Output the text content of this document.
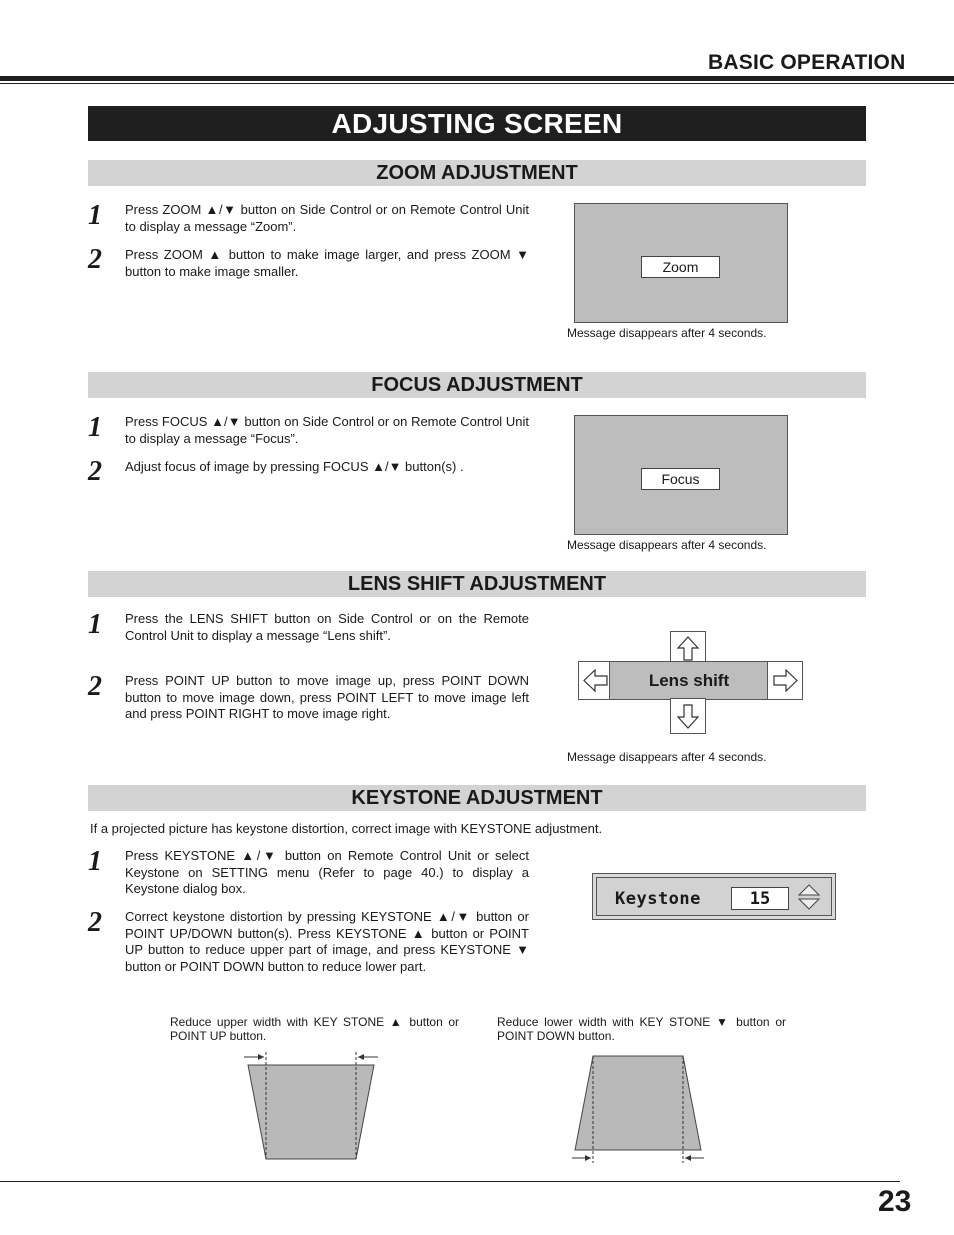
BASIC OPERATION
ADJUSTING SCREEN
ZOOM ADJUSTMENT
1 Press ZOOM ▲/▼ button on Side Control or on Remote Control Unit to display a message “Zoom”.
2 Press ZOOM ▲ button to make image larger, and press ZOOM ▼ button to make image smaller.	Zoom
Message disappears after 4 seconds.
FOCUS ADJUSTMENT
1 Press FOCUS ▲/▼ button on Side Control or on Remote Control Unit to display a message “Focus”.
2 Adjust focus of image by pressing FOCUS ▲/▼ button(s) .
Focus
Message disappears after 4 seconds.
LENS SHIFT ADJUSTMENT
1 Press the LENS SHIFT button on Side Control or on the Remote Control Unit to display a message “Lens shift”.
2 Press POINT UP button to move image up, press POINT DOWN button to move image down, press POINT LEFT to move image left and press POINT RIGHT to move image right.
Lens shift
Message disappears after 4 seconds.
KEYSTONE ADJUSTMENT
If a projected picture has keystone distortion, correct image with KEYSTONE adjustment.
1 Press KEYSTONE ▲/▼ button on Remote Control Unit or select Keystone on SETTING menu (Refer to page 40.) to display a Keystone dialog box.
2 Correct keystone distortion by pressing KEYSTONE ▲/▼ button or POINT UP/DOWN button(s). Press KEYSTONE ▲ button or POINT UP button to reduce upper part of image, and press KEYSTONE ▼ button or POINT DOWN button to reduce lower part.
Keystone	15
Reduce upper width with KEY STONE ▲ button or POINT UP button.
Reduce lower width with KEY STONE ▼ button or POINT DOWN button.
23
